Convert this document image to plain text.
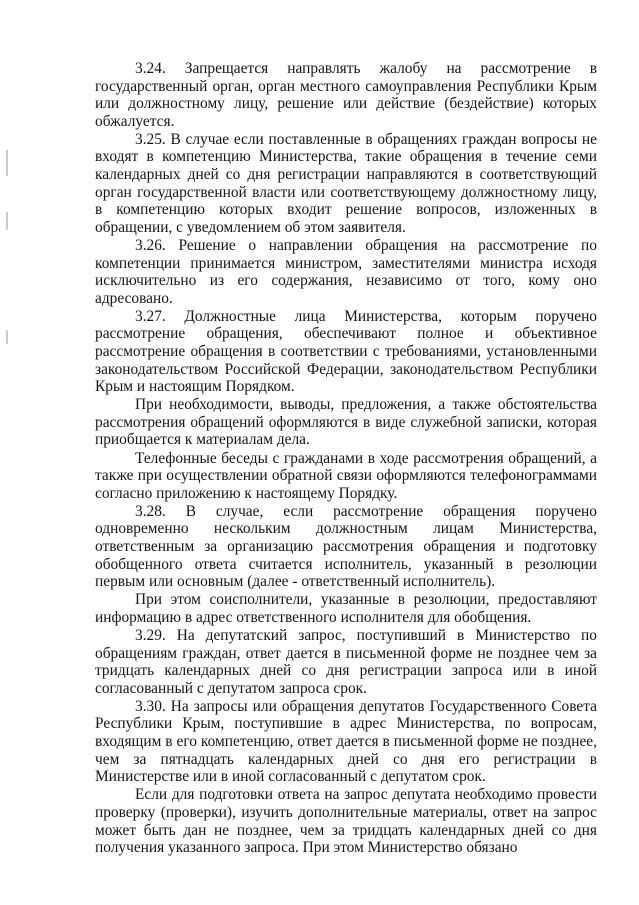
3.24. Запрещается направлять жалобу на рассмотрение в государственный орган, орган местного самоуправления Республики Крым или должностному лицу, решение или действие (бездействие) которых обжалуется.

3.25. В случае если поставленные в обращениях граждан вопросы не входят в компетенцию Министерства, такие обращения в течение семи календарных дней со дня регистрации направляются в соответствующий орган государственной власти или соответствующему должностному лицу, в компетенцию которых входит решение вопросов, изложенных в обращении, с уведомлением об этом заявителя.

3.26. Решение о направлении обращения на рассмотрение по компетенции принимается министром, заместителями министра исходя исключительно из его содержания, независимо от того, кому оно адресовано.

3.27. Должностные лица Министерства, которым поручено рассмотрение обращения, обеспечивают полное и объективное рассмотрение обращения в соответствии с требованиями, установленными законодательством Российской Федерации, законодательством Республики Крым и настоящим Порядком.

При необходимости, выводы, предложения, а также обстоятельства рассмотрения обращений оформляются в виде служебной записки, которая приобщается к материалам дела.

Телефонные беседы с гражданами в ходе рассмотрения обращений, а также при осуществлении обратной связи оформляются телефонограммами согласно приложению к настоящему Порядку.

3.28. В случае, если рассмотрение обращения поручено одновременно нескольким должностным лицам Министерства, ответственным за организацию рассмотрения обращения и подготовку обобщенного ответа считается исполнитель, указанный в резолюции первым или основным (далее - ответственный исполнитель).

При этом соисполнители, указанные в резолюции, предоставляют информацию в адрес ответственного исполнителя для обобщения.

3.29. На депутатский запрос, поступивший в Министерство по обращениям граждан, ответ дается в письменной форме не позднее чем за тридцать календарных дней со дня регистрации запроса или в иной согласованный с депутатом запроса срок.

3.30. На запросы или обращения депутатов Государственного Совета Республики Крым, поступившие в адрес Министерства, по вопросам, входящим в его компетенцию, ответ дается в письменной форме не позднее, чем за пятнадцать календарных дней со дня его регистрации в Министерстве или в иной согласованный с депутатом срок.

Если для подготовки ответа на запрос депутата необходимо провести проверку (проверки), изучить дополнительные материалы, ответ на запрос может быть дан не позднее, чем за тридцать календарных дней со дня получения указанного запроса. При этом Министерство обязано
